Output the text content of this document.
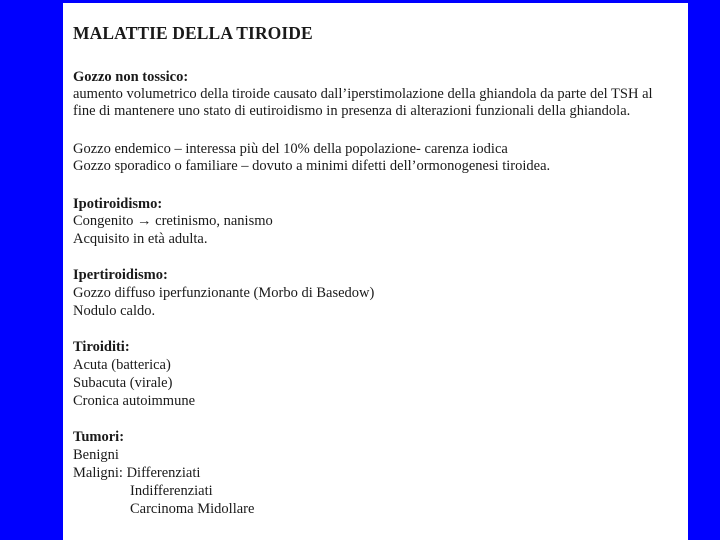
MALATTIE DELLA TIROIDE
Gozzo non tossico:
aumento volumetrico della tiroide causato dall’iperstimolazione della ghiandola da parte del TSH al
fine di mantenere uno stato di eutiroidismo in presenza di alterazioni funzionali della ghiandola.
Gozzo endemico – interessa più del 10% della popolazione- carenza iodica
Gozzo sporadico o familiare – dovuto a minimi difetti dell’ormonogenesi tiroidea.
Ipotiroidismo:
Congenito → cretinismo, nanismo
Acquisito in età adulta.
Ipertiroidismo:
Gozzo diffuso iperfunzionante (Morbo di Basedow)
Nodulo caldo.
Tiroiditi:
Acuta (batterica)
Subacuta (virale)
Cronica autoimmune
Tumori:
Benigni
Maligni: Differenziati
Indifferenziati
Carcinoma Midollare
